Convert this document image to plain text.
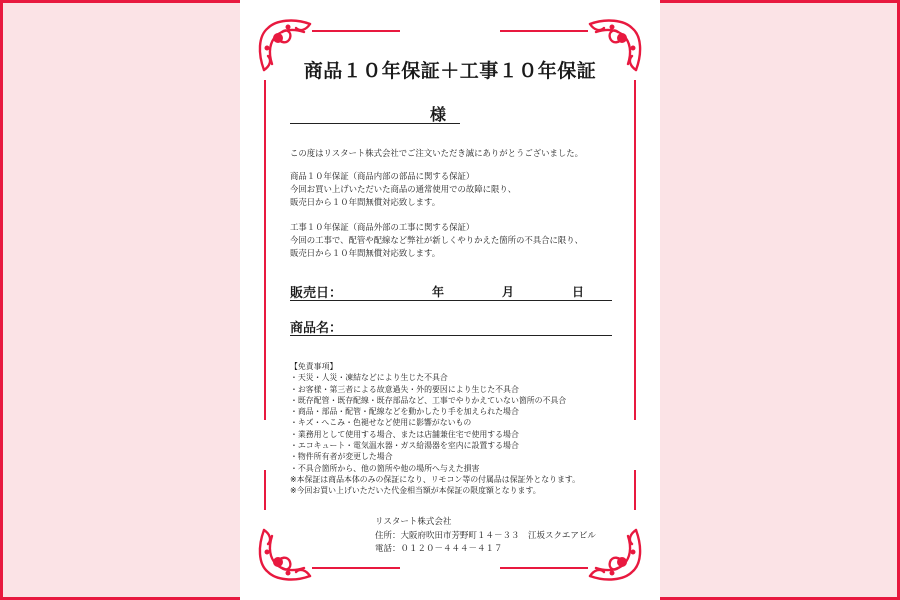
商品１０年保証＋工事１０年保証
様
この度はリスタート株式会社でご注文いただき誠にありがとうございました。
商品１０年保証（商品内部の部品に関する保証）
今回お買い上げいただいた商品の通常使用での故障に限り、
販売日から１０年間無償対応致します。
工事１０年保証（商品外部の工事に関する保証）
今回の工事で、配管や配線など弊社が新しくやりかえた箇所の不具合に限り、
販売日から１０年間無償対応致します。
販売日：	年	月	日
商品名：
【免責事項】
・天災・人災・凍結などにより生じた不具合
・お客様・第三者による故意過失・外的要因により生じた不具合
・既存配管・既存配線・既存部品など、工事でやりかえていない箇所の不具合
・商品・部品・配管・配線などを動かしたり手を加えられた場合
・キズ・へこみ・色褪せなど使用に影響がないもの
・業務用として使用する場合、または店舗兼住宅で使用する場合
・エコキュート・電気温水器・ガス給湯器を室内に設置する場合
・物件所有者が変更した場合
・不具合箇所から、他の箇所や他の場所へ与えた損害
※本保証は商品本体のみの保証になり、リモコン等の付属品は保証外となります。
※今回お買い上げいただいた代金相当額が本保証の限度額となります。
リスタート株式会社
住所：大阪府吹田市芳野町１４－３３　江坂スクエアビル
電話：０１２０－４４４－４１７
